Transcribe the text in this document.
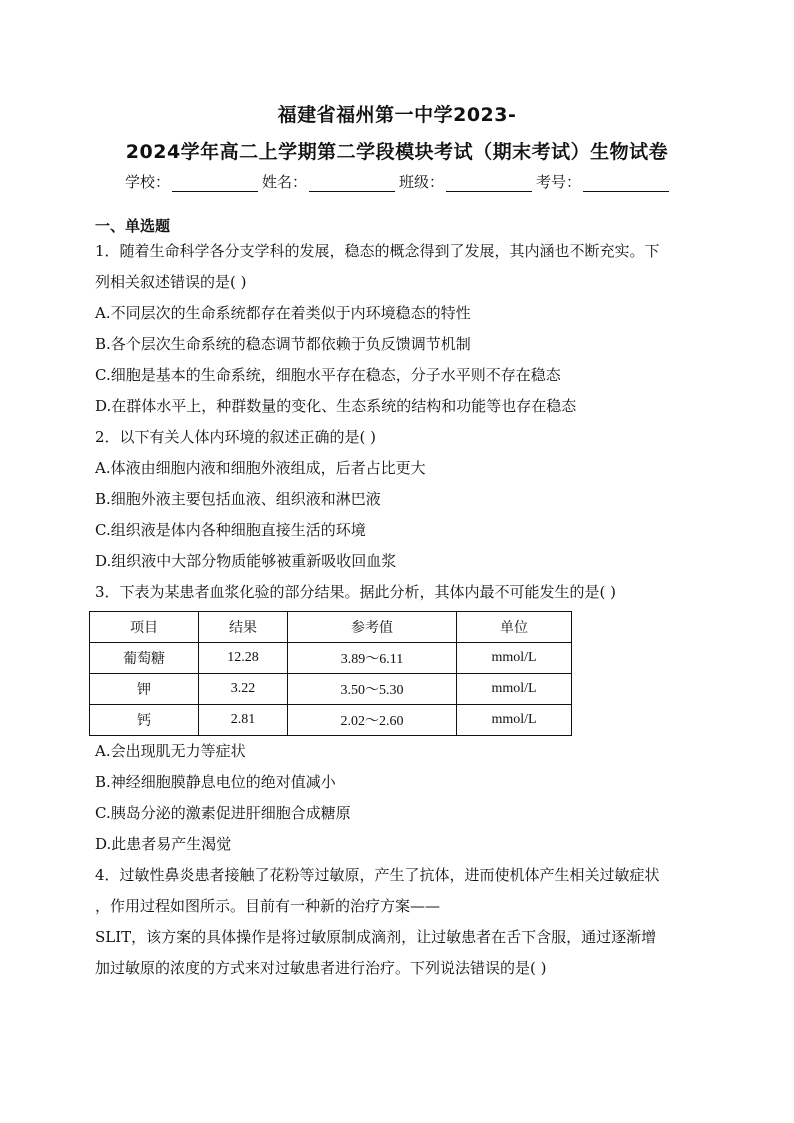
福建省福州第一中学2023-
2024学年高二上学期第二学段模块考试（期末考试）生物试卷
学校：	姓名：	班级：	考号：
一、单选题
1．随着生命科学各分支学科的发展，稳态的概念得到了发展，其内涵也不断充实。下
列相关叙述错误的是( )
A.不同层次的生命系统都存在着类似于内环境稳态的特性
B.各个层次生命系统的稳态调节都依赖于负反馈调节机制
C.细胞是基本的生命系统，细胞水平存在稳态，分子水平则不存在稳态
D.在群体水平上，种群数量的变化、生态系统的结构和功能等也存在稳态
2．以下有关人体内环境的叙述正确的是( )
A.体液由细胞内液和细胞外液组成，后者占比更大
B.细胞外液主要包括血液、组织液和淋巴液
C.组织液是体内各种细胞直接生活的环境
D.组织液中大部分物质能够被重新吸收回血浆
3．下表为某患者血浆化验的部分结果。据此分析，其体内最不可能发生的是( )
项目	结果	参考值	单位
葡萄糖	12.28	3.89～6.11	mmol/L
钾	3.22	3.50～5.30	mmol/L
钙	2.81	2.02～2.60	mmol/L
A.会出现肌无力等症状
B.神经细胞膜静息电位的绝对值减小
C.胰岛分泌的激素促进肝细胞合成糖原
D.此患者易产生渴觉
4．过敏性鼻炎患者接触了花粉等过敏原，产生了抗体，进而使机体产生相关过敏症状
，作用过程如图所示。目前有一种新的治疗方案——
SLIT，该方案的具体操作是将过敏原制成滴剂，让过敏患者在舌下含服，通过逐渐增
加过敏原的浓度的方式来对过敏患者进行治疗。下列说法错误的是( )
